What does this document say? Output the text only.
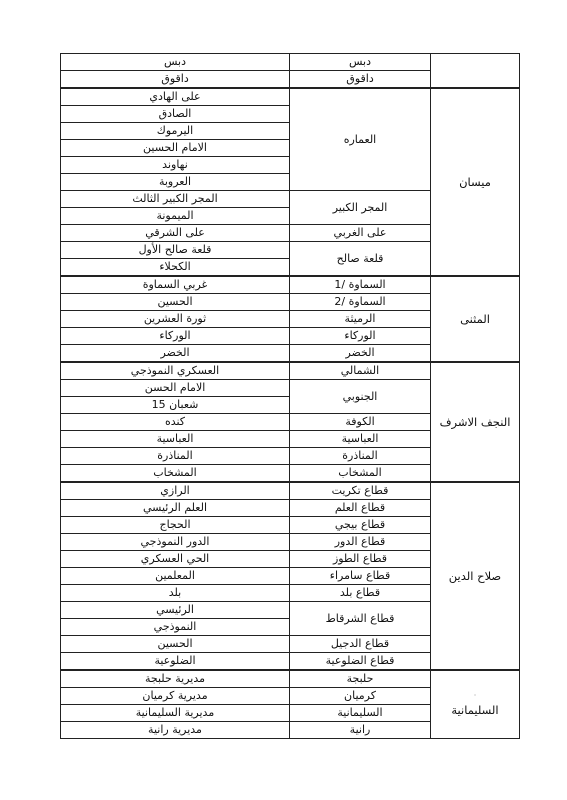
	دبس	دبس
	داقوق	داقوق
ميسان	العماره	على الهادي
		الصادق
		اليرموك
		الامام الحسين
		نهاوند
		العروبة
	المجر الكبير	المجر الكبير الثالث
		الميمونة
	على الغربي	على الشرقي
	قلعة صالح	قلعة صالح الأول
		الكحلاء
المثنى	السماوة /1	غربي السماوة
	السماوة /2	الحسين
	الرميثة	ثورة العشرين
	الوركاء	الوركاء
	الخضر	الخضر
النجف الاشرف	الشمالي	العسكري النموذجي
	الجنوبي	الامام الحسن
		شعبان 15
	الكوفة	كنده
	العباسية	العباسية
	المناذرة	المناذرة
	المشخاب	المشخاب
صلاح الدين	قطاع تكريت	الرازي
	قطاع العلم	العلم الرئيسي
	قطاع بيجي	الحجاج
	قطاع الدور	الدور النموذجي
	قطاع الطوز	الحي العسكري
	قطاع سامراء	المعلمين
	قطاع بلد	بلد
	قطاع الشرقاط	الرئيسي
		النموذجي
	قطاع الدجيل	الحسين
	قطاع الضلوعية	الضلوعية

·
السليمانية	حلبجة	مديرية حلبجة
	كرميان	مديرية كرميان
	السليمانية	مديرية السليمانية
	رانية	مديرية رانية
